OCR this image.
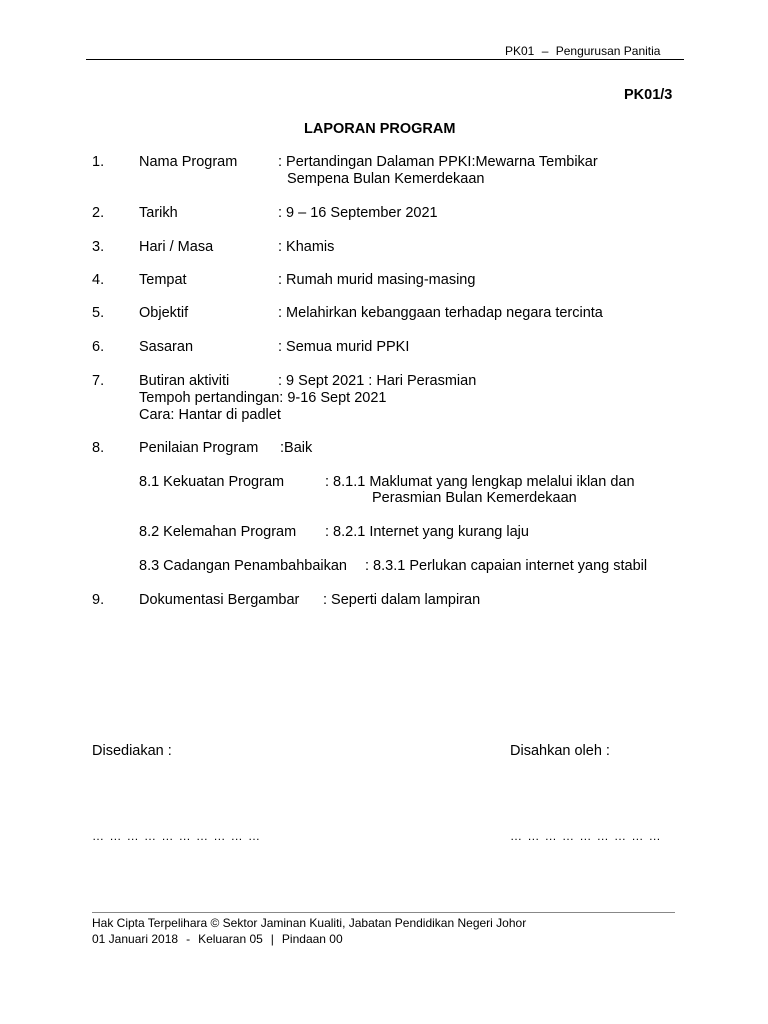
PK01 – Pengurusan Panitia
PK01/3
LAPORAN PROGRAM
1. Nama Program	: Pertandingan Dalaman PPKI:Mewarna Tembikar
Sempena Bulan Kemerdekaan
2. Tarikh	: 9 – 16 September 2021
3. Hari / Masa	: Khamis
4. Tempat	: Rumah murid masing-masing
5. Objektif	: Melahirkan kebanggaan terhadap negara tercinta
6. Sasaran	: Semua murid PPKI
7. Butiran aktiviti	: 9 Sept 2021 : Hari Perasmian
Tempoh pertandingan: 9-16 Sept 2021
Cara: Hantar di padlet
8. Penilaian Program :Baik
8.1 Kekuatan Program	: 8.1.1 Maklumat yang lengkap melalui iklan dan
Perasmian Bulan Kemerdekaan
8.2 Kelemahan Program : 8.2.1 Internet yang kurang laju
8.3 Cadangan Penambahbaikan : 8.3.1 Perlukan capaian internet yang stabil
9. Dokumentasi Bergambar : Seperti dalam lampiran
Disediakan :	Disahkan oleh :
… … … … … … … … … …	… … … … … … … … …
Hak Cipta Terpelihara © Sektor Jaminan Kualiti, Jabatan Pendidikan Negeri Johor
01 Januari 2018 - Keluaran 05 | Pindaan 00
